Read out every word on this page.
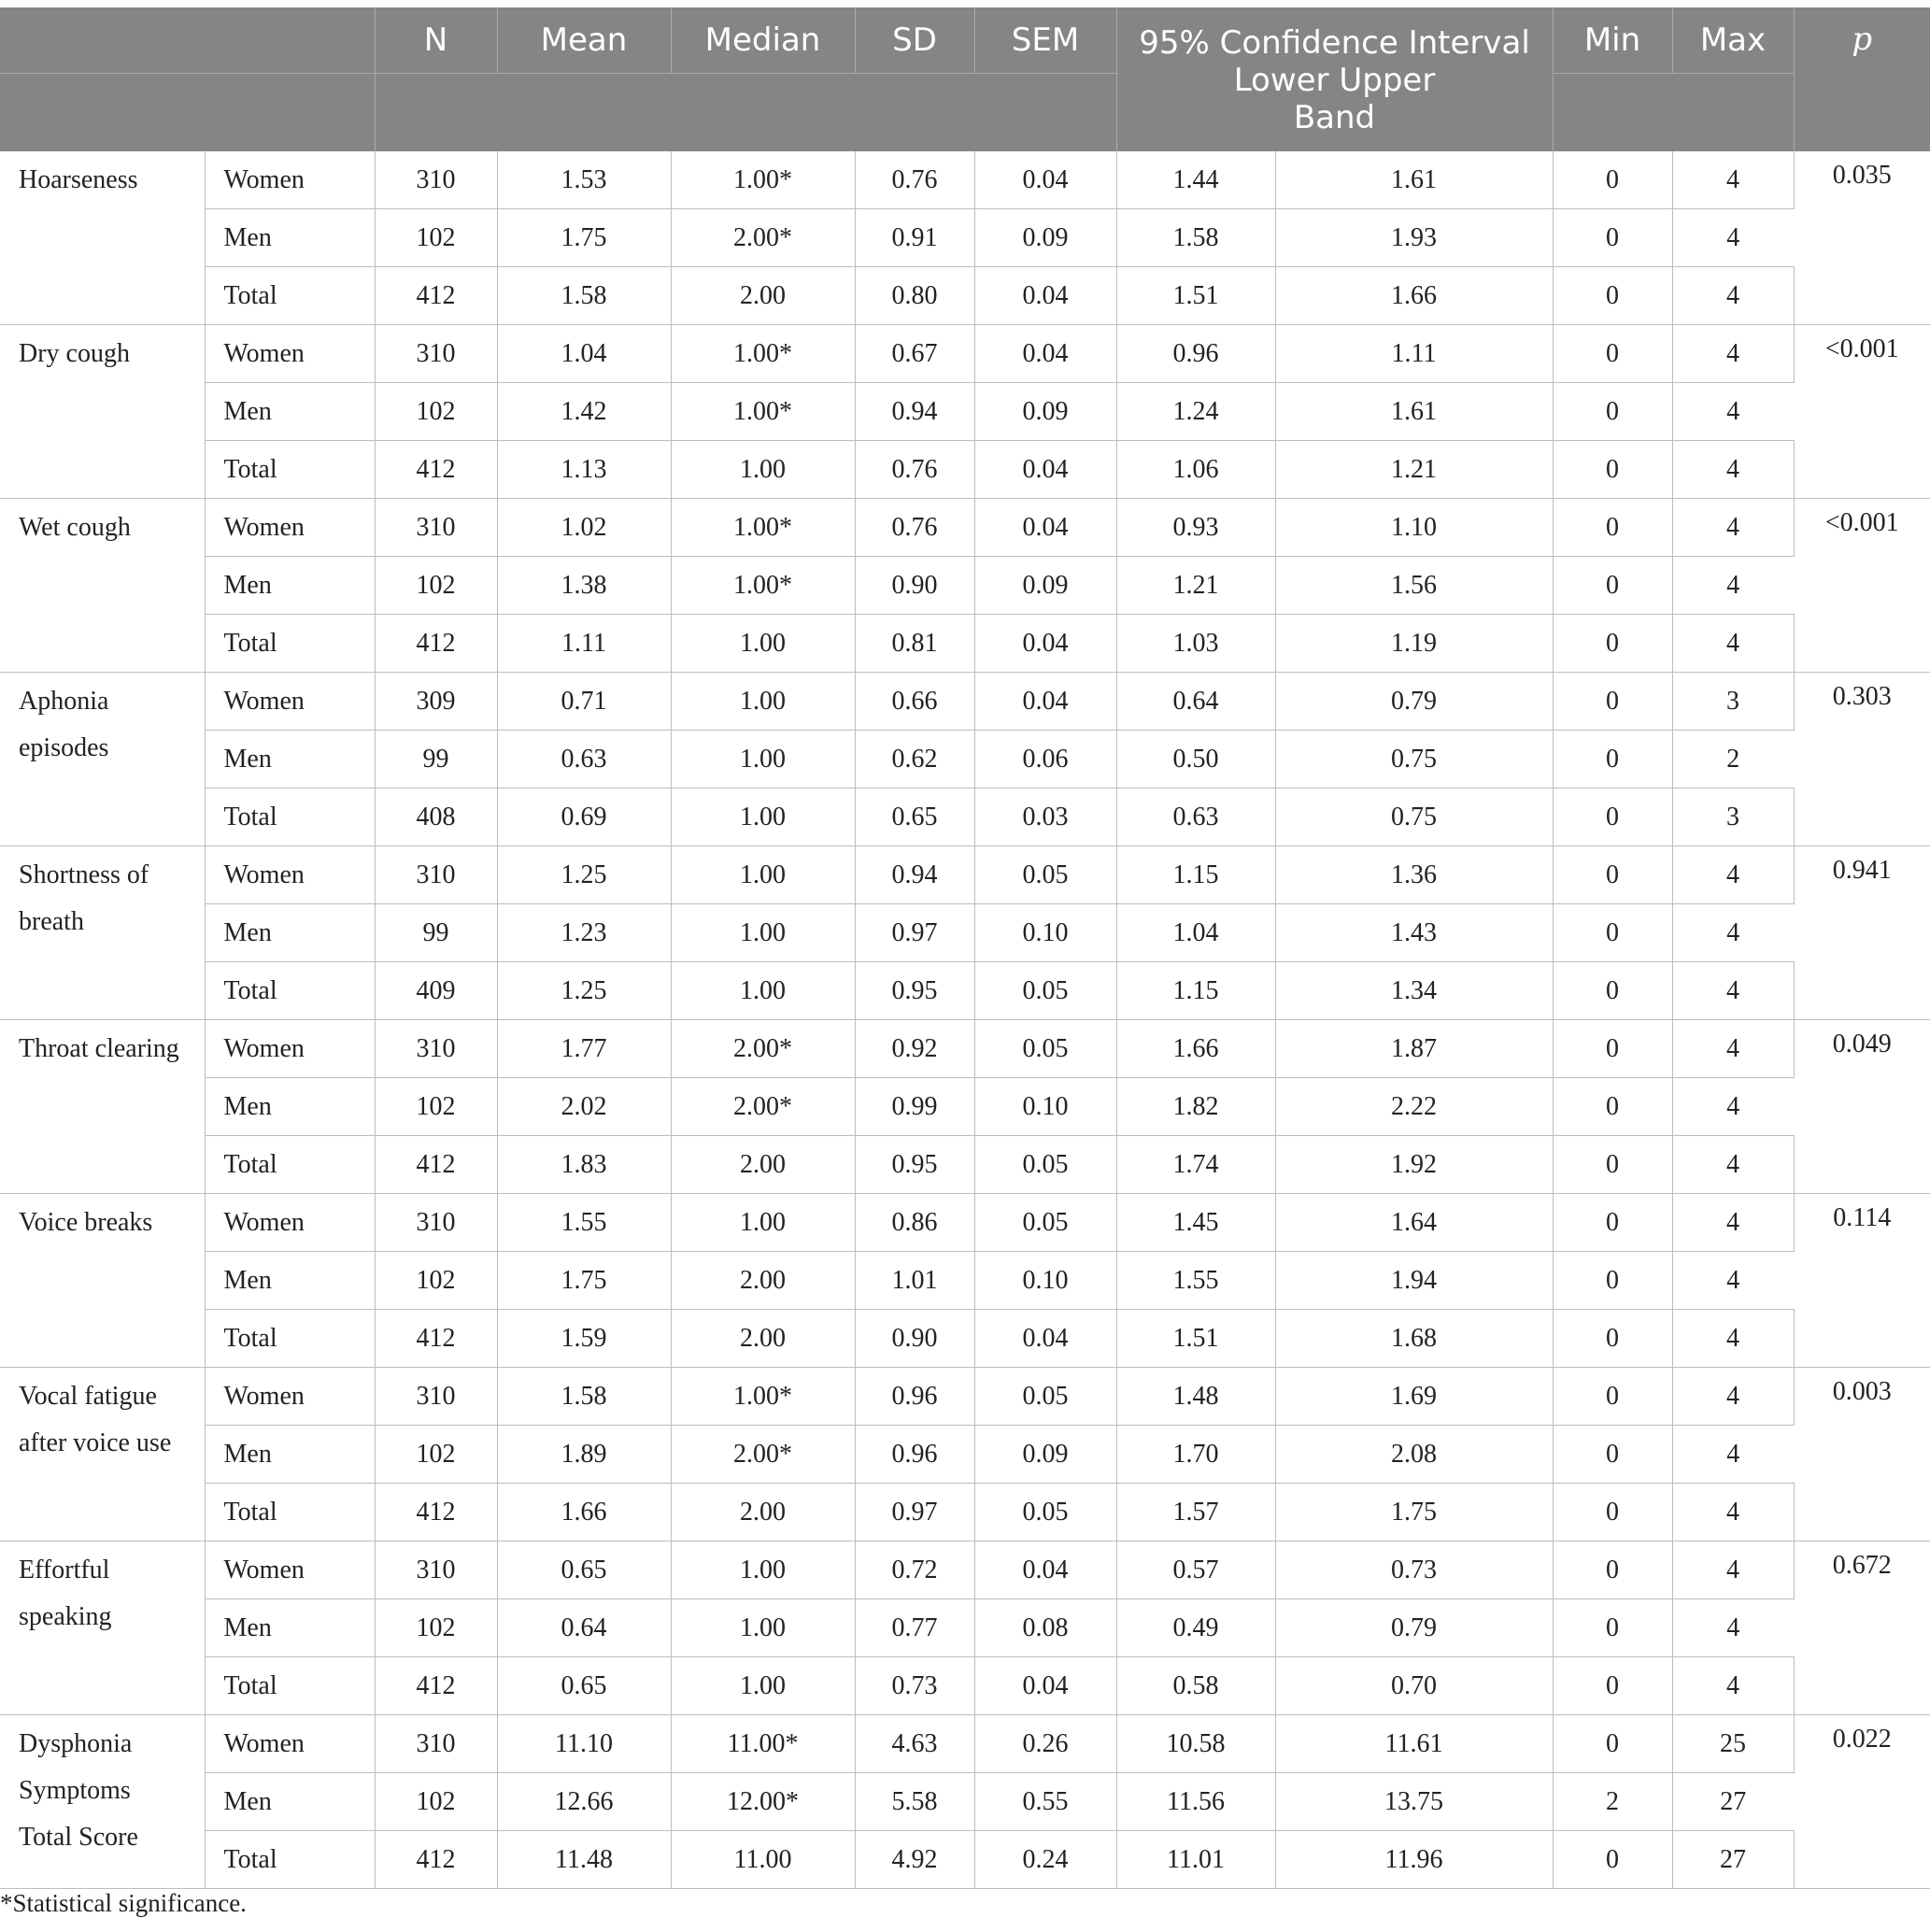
		N	Mean	Median	SD	SEM	95% Confidence Interval
Lower Upper
Band		Min	Max	p

Hoarseness	Women	310	1.53	1.00*	0.76	0.04	1.44	1.61	0	4	0.035
	Men	102	1.75	2.00*	0.91	0.09	1.58	1.93	0	4	
	Total	412	1.58	2.00	0.80	0.04	1.51	1.66	0	4	

Dry cough	Women	310	1.04	1.00*	0.67	0.04	0.96	1.11	0	4	<0.001
	Men	102	1.42	1.00*	0.94	0.09	1.24	1.61	0	4	
	Total	412	1.13	1.00	0.76	0.04	1.06	1.21	0	4	

Wet cough	Women	310	1.02	1.00*	0.76	0.04	0.93	1.10	0	4	<0.001
	Men	102	1.38	1.00*	0.90	0.09	1.21	1.56	0	4	
	Total	412	1.11	1.00	0.81	0.04	1.03	1.19	0	4	

Aphonia
episodes	Women	309	0.71	1.00	0.66	0.04	0.64	0.79	0	3	0.303
	Men	99	0.63	1.00	0.62	0.06	0.50	0.75	0	2	
	Total	408	0.69	1.00	0.65	0.03	0.63	0.75	0	3	

Shortness of
breath	Women	310	1.25	1.00	0.94	0.05	1.15	1.36	0	4	0.941
	Men	99	1.23	1.00	0.97	0.10	1.04	1.43	0	4	
	Total	409	1.25	1.00	0.95	0.05	1.15	1.34	0	4	

Throat clearing	Women	310	1.77	2.00*	0.92	0.05	1.66	1.87	0	4	0.049
	Men	102	2.02	2.00*	0.99	0.10	1.82	2.22	0	4	
	Total	412	1.83	2.00	0.95	0.05	1.74	1.92	0	4	

Voice breaks	Women	310	1.55	1.00	0.86	0.05	1.45	1.64	0	4	0.114
	Men	102	1.75	2.00	1.01	0.10	1.55	1.94	0	4	
	Total	412	1.59	2.00	0.90	0.04	1.51	1.68	0	4	

Vocal fatigue
after voice use	Women	310	1.58	1.00*	0.96	0.05	1.48	1.69	0	4	0.003
	Men	102	1.89	2.00*	0.96	0.09	1.70	2.08	0	4	
	Total	412	1.66	2.00	0.97	0.05	1.57	1.75	0	4	

Effortful
speaking	Women	310	0.65	1.00	0.72	0.04	0.57	0.73	0	4	0.672
	Men	102	0.64	1.00	0.77	0.08	0.49	0.79	0	4	
	Total	412	0.65	1.00	0.73	0.04	0.58	0.70	0	4	

Dysphonia
Symptoms
Total Score	Women	310	11.10	11.00*	4.63	0.26	10.58	11.61	0	25	0.022
	Men	102	12.66	12.00*	5.58	0.55	11.56	13.75	2	27	
	Total	412	11.48	11.00	4.92	0.24	11.01	11.96	0	27	
*Statistical significance.
